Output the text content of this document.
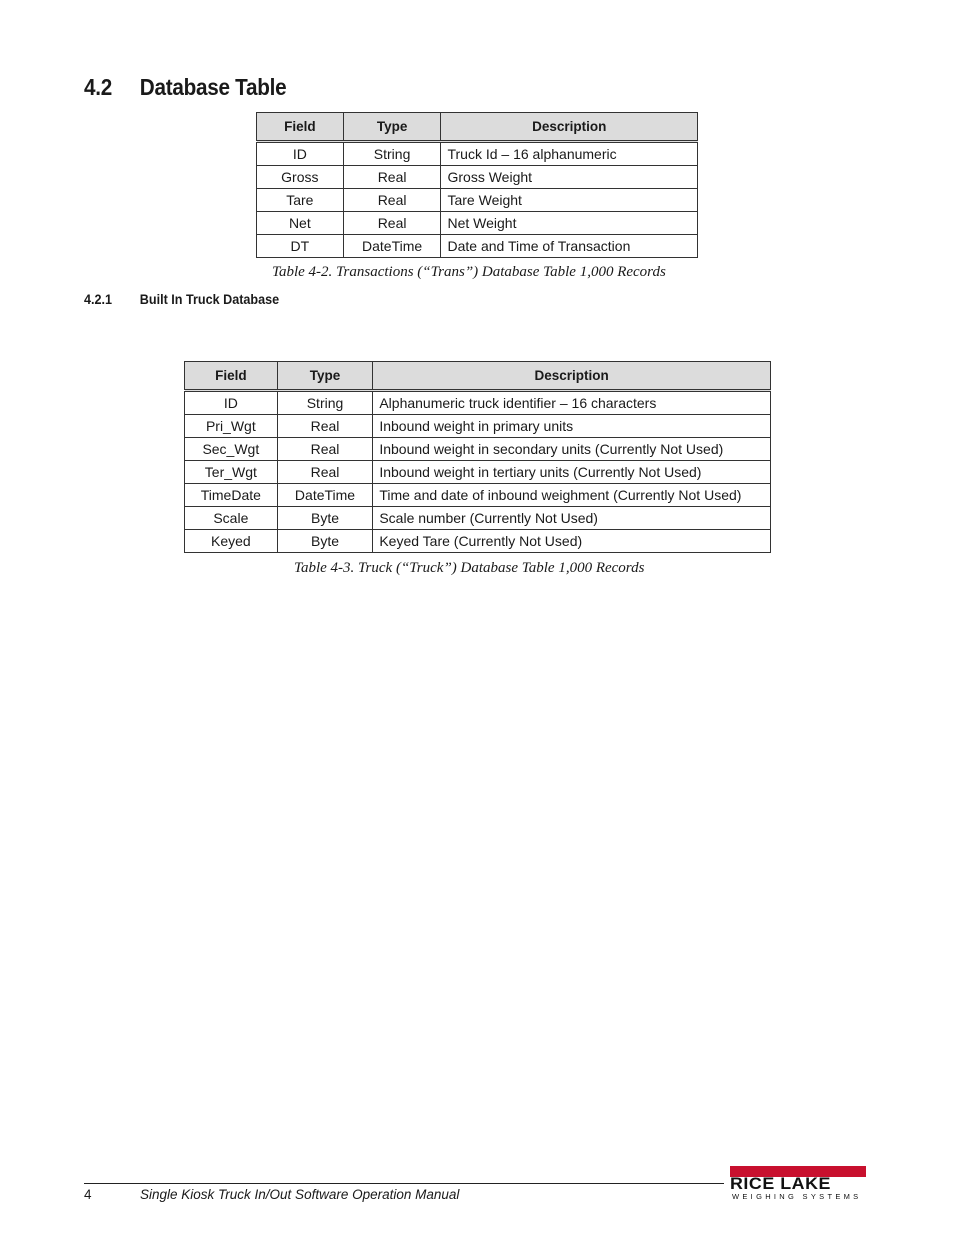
4.2 Database Table
Field	Type	Description
ID	String	Truck Id – 16 alphanumeric
Gross	Real	Gross Weight
Tare	Real	Tare Weight
Net	Real	Net Weight
DT	DateTime	Date and Time of Transaction
Table 4-2. Transactions (“Trans”) Database Table 1,000 Records
4.2.1 Built In Truck Database
Field	Type	Description
ID	String	Alphanumeric truck identifier – 16 characters
Pri_Wgt	Real	Inbound weight in primary units
Sec_Wgt	Real	Inbound weight in secondary units (Currently Not Used)
Ter_Wgt	Real	Inbound weight in tertiary units (Currently Not Used)
TimeDate	DateTime	Time and date of inbound weighment (Currently Not Used)
Scale	Byte	Scale number (Currently Not Used)
Keyed	Byte	Keyed Tare (Currently Not Used)
Table 4-3. Truck (“Truck”) Database Table 1,000 Records
4	Single Kiosk Truck In/Out Software Operation Manual
RICE LAKE
WEIGHING SYSTEMS
